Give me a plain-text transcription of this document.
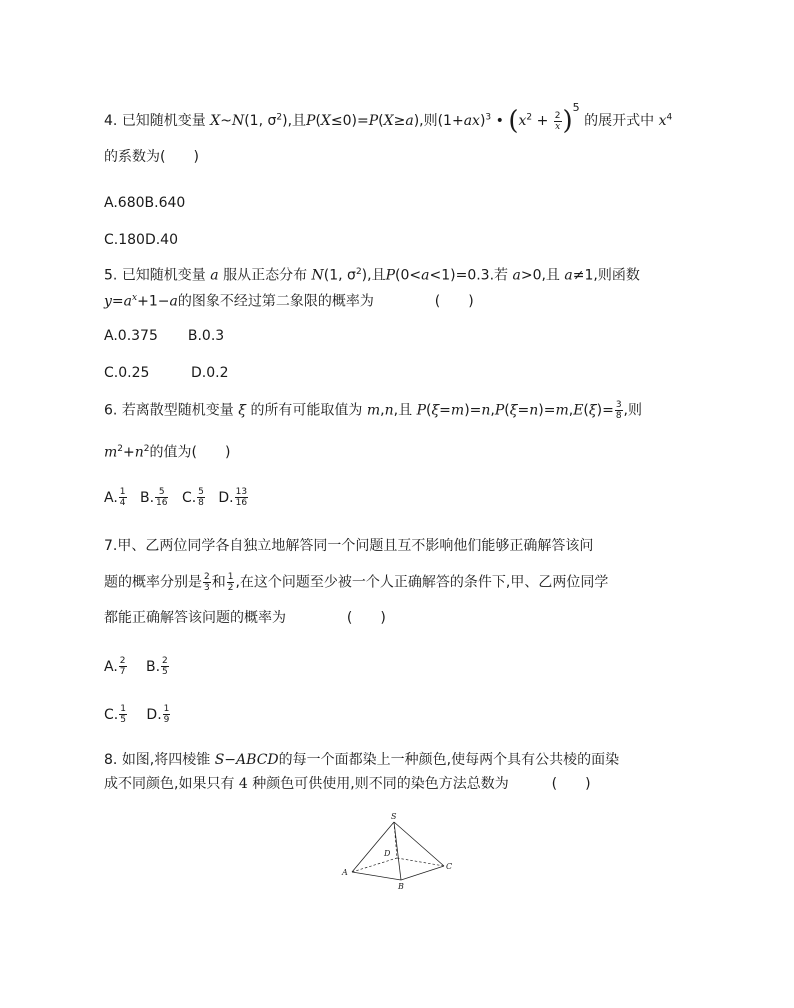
4. 已知随机变量 X~N(1, $\sigma^2$),且P(X≤0)=P(X≥a),则$(1+ax)^3$ • $(x^2 + \frac{2}{x} )^5$ 的展开式中 $x^4$
的系数为(　　)
A.680B.640
C.180D.40
5. 已知随机变量 a 服从正态分布 N(1, $\sigma^2$),且P(0<a<1)=0.3.若 a>0,且 a≠1,则函数
$y=a^x+1-a$的图象不经过第二象限的概率为	(　　)
A.0.375 B.0.3
C.0.25	D.0.2
6. 若离散型随机变量 ξ 的所有可能取值为 m,n,且 $P(\xi=m)=n,P(\xi=n)=m,E(\xi)= \frac{3}{8}$ ,则
$m^2+n^2$的值为(　　)
A. $\frac{1}{4} B$. $\frac{5}{16} C$. $\frac{5}{8} D$. $\frac{13}{16}$
7.甲、乙两位同学各自独立地解答同一个问题且互不影响他们能够正确解答该问
题的概率分别是 $\frac{2}{3}$ 和 $\frac{1}{2}$ ,在这个问题至少被一个人正确解答的条件下,甲、乙两位同学
都能正确解答该问题的概率为	(　　)
A. $\frac{2}{7} B$. $\frac{2}{5}$
C. $\frac{1}{5} D$. $\frac{1}{9}$
8. 如图,将四棱锥 S−ABCD的每一个面都染上一种颜色,使每两个具有公共棱的面染
成不同颜色,如果只有 4 种颜色可供使用,则不同的染色方法总数为	(　　)
S
A
B
C
D
